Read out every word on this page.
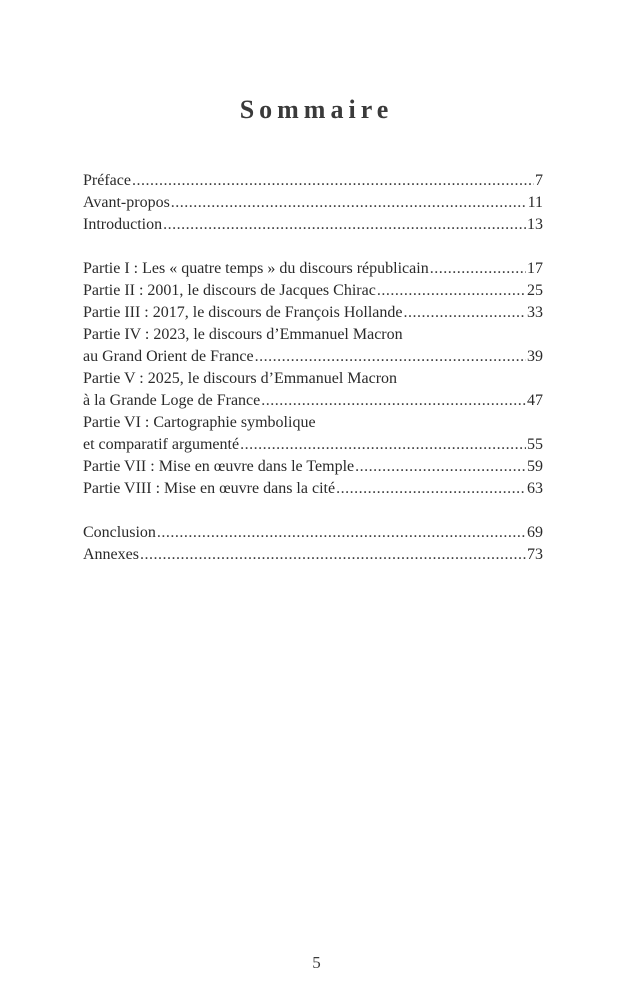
Sommaire
Préface .....	7
Avant-propos .....	11
Introduction .....	13
Partie I : Les « quatre temps » du discours républicain .....	17
Partie II : 2001, le discours de Jacques Chirac .....	25
Partie III : 2017, le discours de François Hollande .....	33
Partie IV : 2023, le discours d’Emmanuel Macron
au Grand Orient de France .....	39
Partie V : 2025, le discours d’Emmanuel Macron
à la Grande Loge de France .....	47
Partie VI : Cartographie symbolique
et comparatif argumenté .....	55
Partie VII : Mise en œuvre dans le Temple .....	59
Partie VIII : Mise en œuvre dans la cité .....	63
Conclusion .....	69
Annexes .....	73
5
